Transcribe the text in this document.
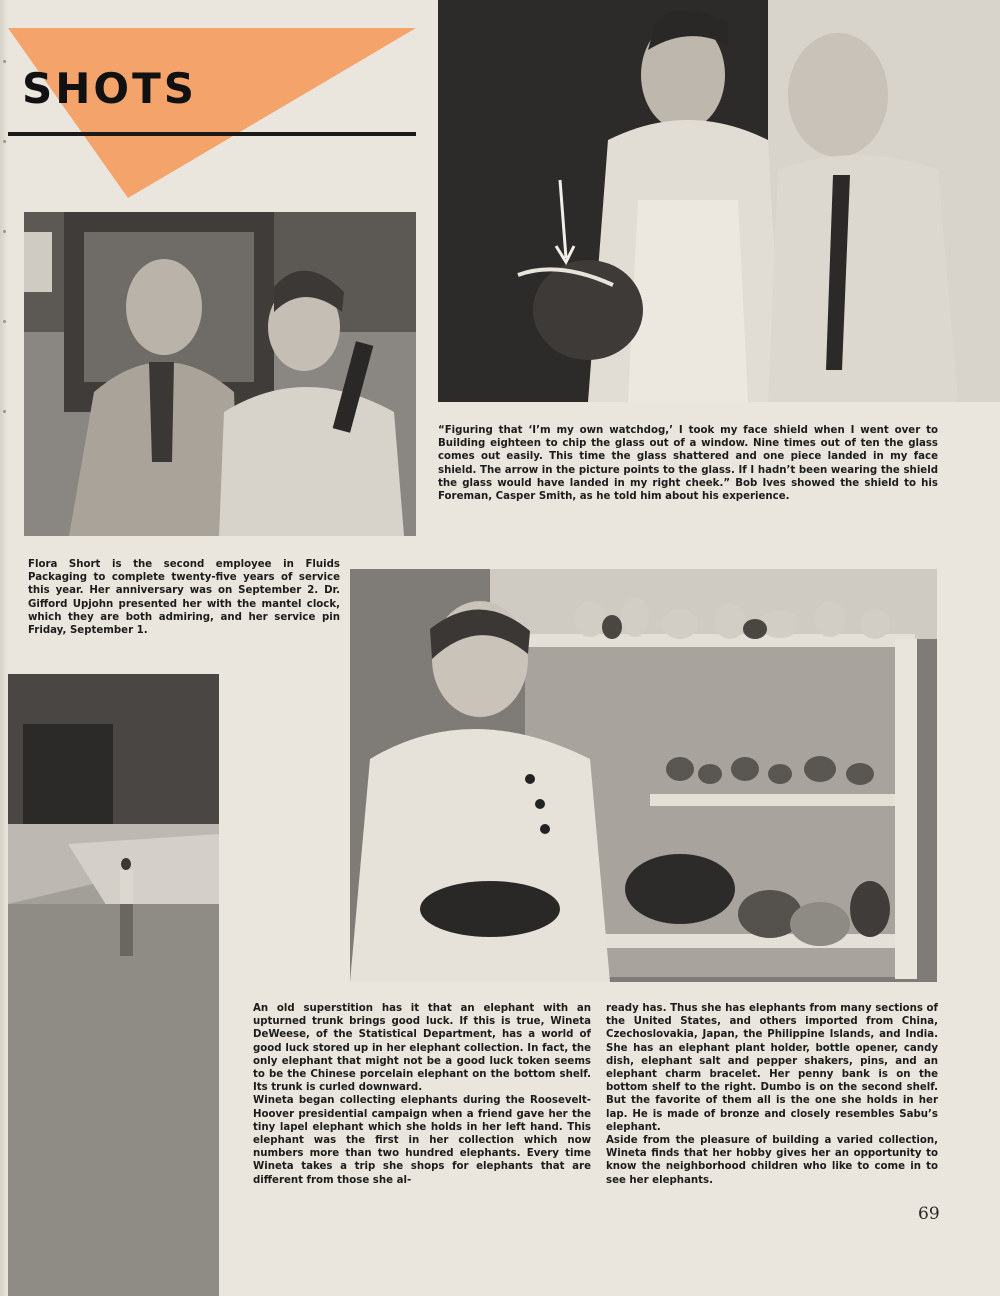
SHOTS

“Figuring that ‘I’m my own watchdog,’ I took my face shield when I went over to Building eighteen to chip the glass out of a window. Nine times out of ten the glass comes out easily. This time the glass shattered and one piece landed in my face shield. The arrow in the picture points to the glass. If I hadn’t been wearing the shield the glass would have landed in my right cheek.” Bob Ives showed the shield to his Foreman, Casper Smith, as he told him about his experience.

Flora Short is the second employee in Fluids Packaging to complete twenty-five years of service this year. Her anniversary was on September 2. Dr. Gifford Upjohn presented her with the mantel clock, which they are both admiring, and her service pin Friday, September 1.

An old superstition has it that an elephant with an upturned trunk brings good luck. If this is true, Wineta DeWeese, of the Statistical Department, has a world of good luck stored up in her elephant collection. In fact, the only elephant that might not be a good luck token seems to be the Chinese porcelain elephant on the bottom shelf. Its trunk is curled downward.

Wineta began collecting elephants during the Roosevelt-Hoover presidential campaign when a friend gave her the tiny lapel elephant which she holds in her left hand. This elephant was the first in her collection which now numbers more than two hundred elephants. Every time Wineta takes a trip she shops for elephants that are different from those she al-

ready has. Thus she has elephants from many sections of the United States, and others imported from China, Czechoslovakia, Japan, the Philippine Islands, and India. She has an elephant plant holder, bottle opener, candy dish, elephant salt and pepper shakers, pins, and an elephant charm bracelet. Her penny bank is on the bottom shelf to the right. Dumbo is on the second shelf. But the favorite of them all is the one she holds in her lap. He is made of bronze and closely resembles Sabu’s elephant.

Aside from the pleasure of building a varied collection, Wineta finds that her hobby gives her an opportunity to know the neighborhood children who like to come in to see her elephants.

69
